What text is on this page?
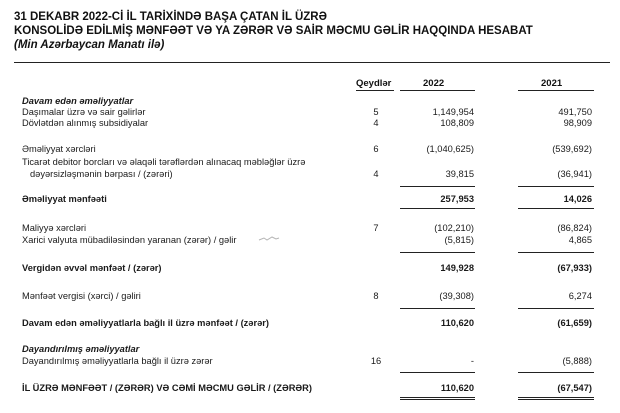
31 DEKABR 2022-Cİ İL TARİXİNDƏ BAŞA ÇATAN İL ÜZRƏ
KONSOLİDƏ EDİLMİŞ MƏNFƏƏT VƏ YA ZƏRƏR VƏ SAİR MƏCMU GƏLİR HAQQINDA HESABAT
(Min Azərbaycan Manatı ilə)
Qeydlər	2022	2021
Davam edən əməliyyatlar
Daşımalar üzrə və sair gəlirlər	5	1,149,954	491,750
Dövlətdən alınmış subsidiyalar	4	108,809	98,909
Əməliyyat xərcləri	6	(1,040,625)	(539,692)
Ticarət debitor borcları və əlaqəli tərəflərdən alınacaq məbləğlər üzrə
dəyərsizləşmənin bərpası / (zərəri)	4	39,815	(36,941)
Əməliyyat mənfəəti	257,953	14,026
Maliyyə xərcləri	7	(102,210)	(86,824)
Xarici valyuta mübadiləsindən yaranan (zərər) / gəlir	(5,815)	4,865
Vergidən əvvəl mənfəət / (zərər)	149,928	(67,933)
Mənfəət vergisi (xərci) / gəliri	8	(39,308)	6,274
Davam edən əməliyyatlarla bağlı il üzrə mənfəət / (zərər)	110,620	(61,659)
Dayandırılmış əməliyyatlar
Dayandırılmış əməliyyatlarla bağlı il üzrə zərər	16	-	(5,888)
İL ÜZRƏ MƏNFƏƏT / (ZƏRƏR) VƏ CƏMİ MƏCMU GƏLİR / (ZƏRƏR)	110,620	(67,547)
